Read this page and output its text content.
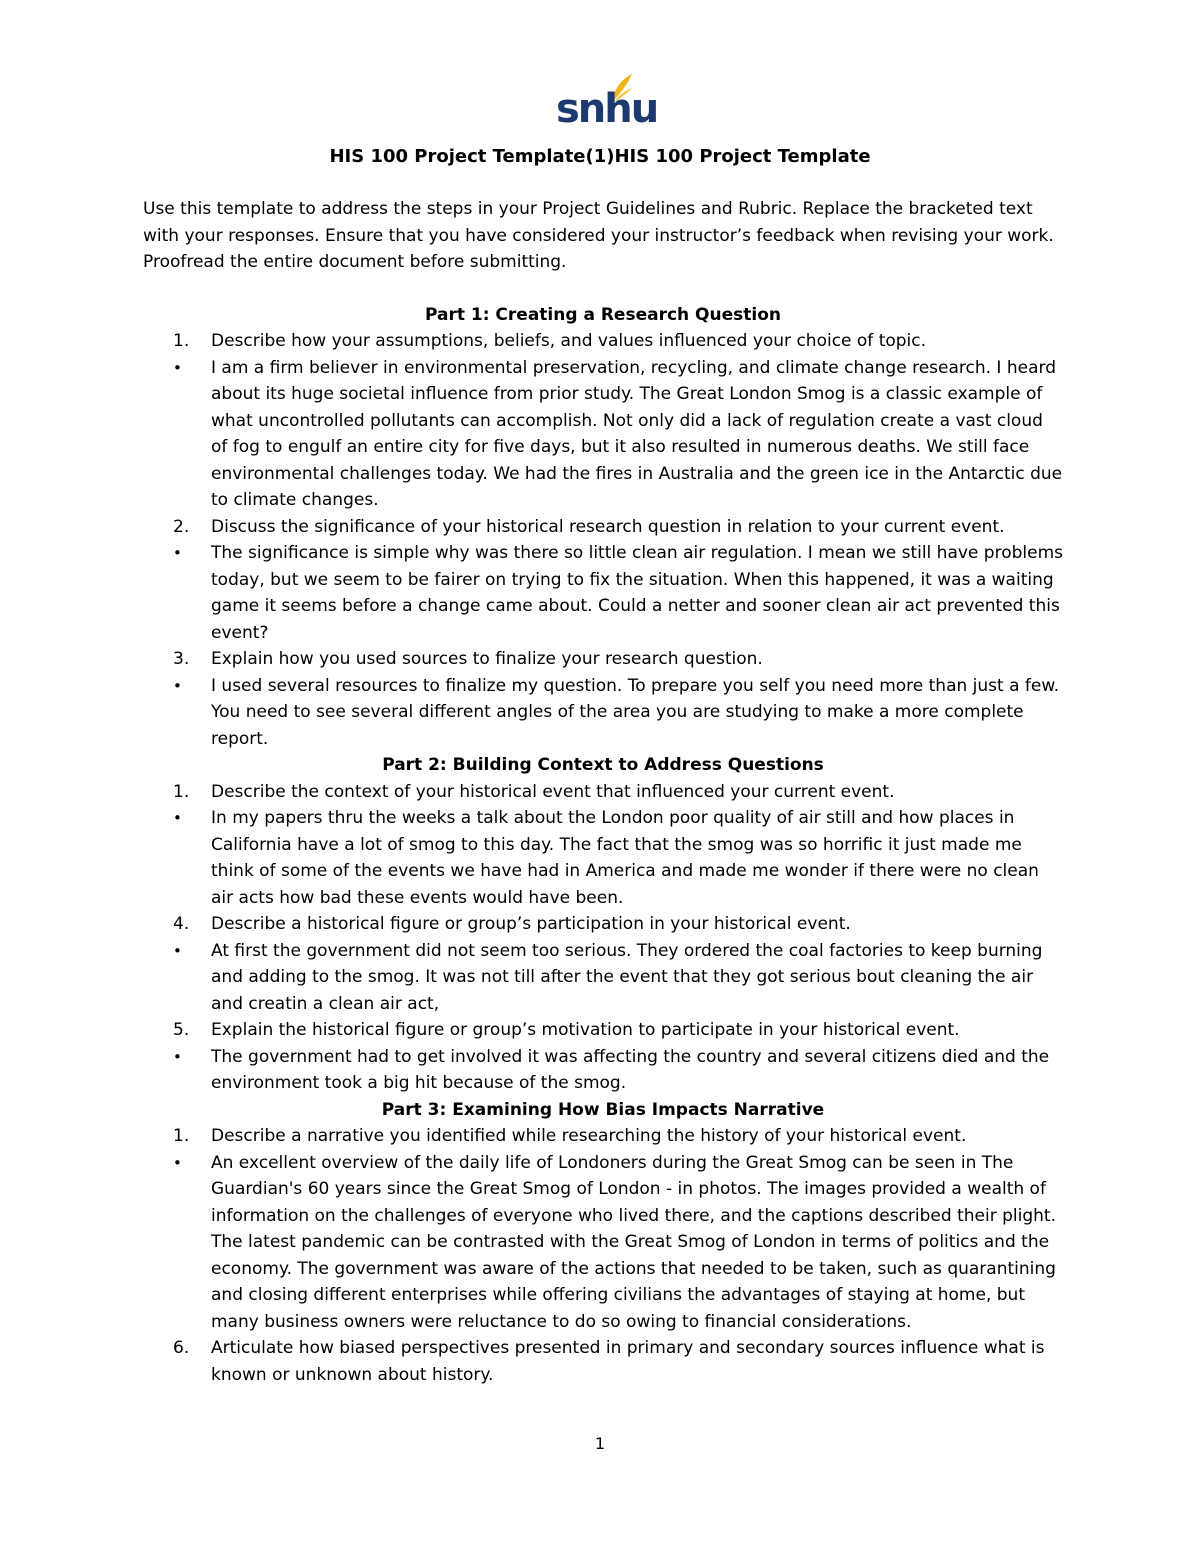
snhu
HIS 100 Project Template(1)HIS 100 Project Template

Use this template to address the steps in your Project Guidelines and Rubric. Replace the bracketed text with your responses. Ensure that you have considered your instructor’s feedback when revising your work. Proofread the entire document before submitting.

Part 1: Creating a Research Question

1.	Describe how your assumptions, beliefs, and values influenced your choice of topic.
•	I am a firm believer in environmental preservation, recycling, and climate change research. I heard about its huge societal influence from prior study. The Great London Smog is a classic example of what uncontrolled pollutants can accomplish. Not only did a lack of regulation create a vast cloud of fog to engulf an entire city for five days, but it also resulted in numerous deaths. We still face environmental challenges today. We had the fires in Australia and the green ice in the Antarctic due to climate changes.
2.	Discuss the significance of your historical research question in relation to your current event.
•	The significance is simple why was there so little clean air regulation. I mean we still have problems today, but we seem to be fairer on trying to fix the situation. When this happened, it was a waiting game it seems before a change came about. Could a netter and sooner clean air act prevented this event?
3.	Explain how you used sources to finalize your research question.
•	I used several resources to finalize my question. To prepare you self you need more than just a few. You need to see several different angles of the area you are studying to make a more complete report.

Part 2: Building Context to Address Questions

1.	Describe the context of your historical event that influenced your current event.
•	In my papers thru the weeks a talk about the London poor quality of air still and how places in California have a lot of smog to this day. The fact that the smog was so horrific it just made me think of some of the events we have had in America and made me wonder if there were no clean air acts how bad these events would have been.
4.	Describe a historical figure or group’s participation in your historical event.
•	At first the government did not seem too serious. They ordered the coal factories to keep burning and adding to the smog. It was not till after the event that they got serious bout cleaning the air and creatin a clean air act,
5.	Explain the historical figure or group’s motivation to participate in your historical event.
•	The government had to get involved it was affecting the country and several citizens died and the environment took a big hit because of the smog.

Part 3: Examining How Bias Impacts Narrative

1.	Describe a narrative you identified while researching the history of your historical event.
•	An excellent overview of the daily life of Londoners during the Great Smog can be seen in The Guardian's 60 years since the Great Smog of London - in photos. The images provided a wealth of information on the challenges of everyone who lived there, and the captions described their plight. The latest pandemic can be contrasted with the Great Smog of London in terms of politics and the economy. The government was aware of the actions that needed to be taken, such as quarantining and closing different enterprises while offering civilians the advantages of staying at home, but many business owners were reluctance to do so owing to financial considerations.
6.	Articulate how biased perspectives presented in primary and secondary sources influence what is known or unknown about history.
1
